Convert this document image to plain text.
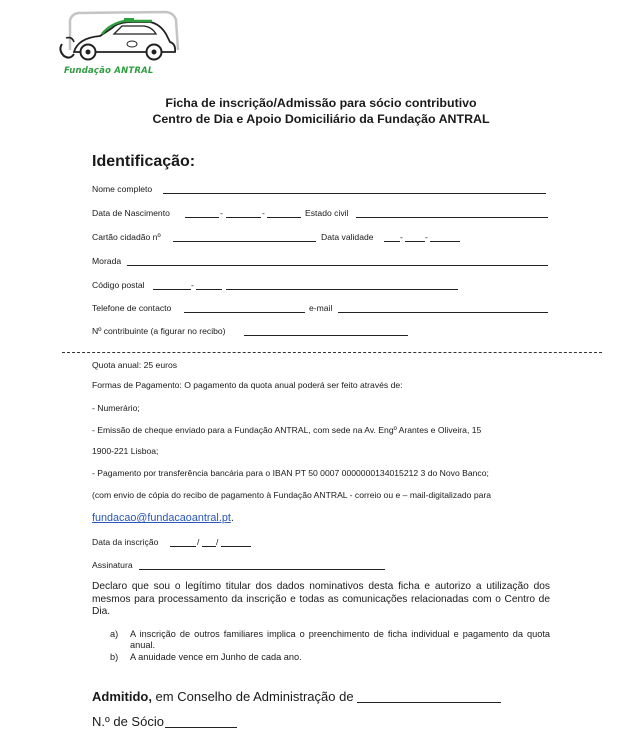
Fundação ANTRAL
Ficha de inscrição/Admissão para sócio contributivo
Centro de Dia e Apoio Domiciliário da Fundação ANTRAL
Identificação:
Nome completo
Data de Nascimento	-	-	Estado civil
Cartão cidadão nº	Data validade	-	-
Morada
Código postal	-
Telefone de contacto	e-mail
Nº contribuinte (a figurar no recibo)
Quota anual: 25 euros
Formas de Pagamento: O pagamento da quota anual poderá ser feito através de:
- Numerário;
- Emissão de cheque enviado para a Fundação ANTRAL, com sede na Av. Engº Arantes e Oliveira, 15
1900-221 Lisboa;
- Pagamento por transferência bancária para o IBAN PT 50 0007 0000000134015212 3 do Novo Banco;
(com envio de cópia do recibo de pagamento à Fundação ANTRAL - correio ou e – mail-digitalizado para
fundacao@fundacaoantral.pt.
Data da inscrição	/ /
Assinatura
Declaro que sou o legítimo titular dos dados nominativos desta ficha e autorizo a utilização dos mesmos para processamento da inscrição e todas as comunicações relacionadas com o Centro de Dia.
a) A inscrição de outros familiares implica o preenchimento de ficha individual e pagamento da quota anual.
b) A anuidade vence em Junho de cada ano.
Admitido, em Conselho de Administração de
N.º de Sócio
